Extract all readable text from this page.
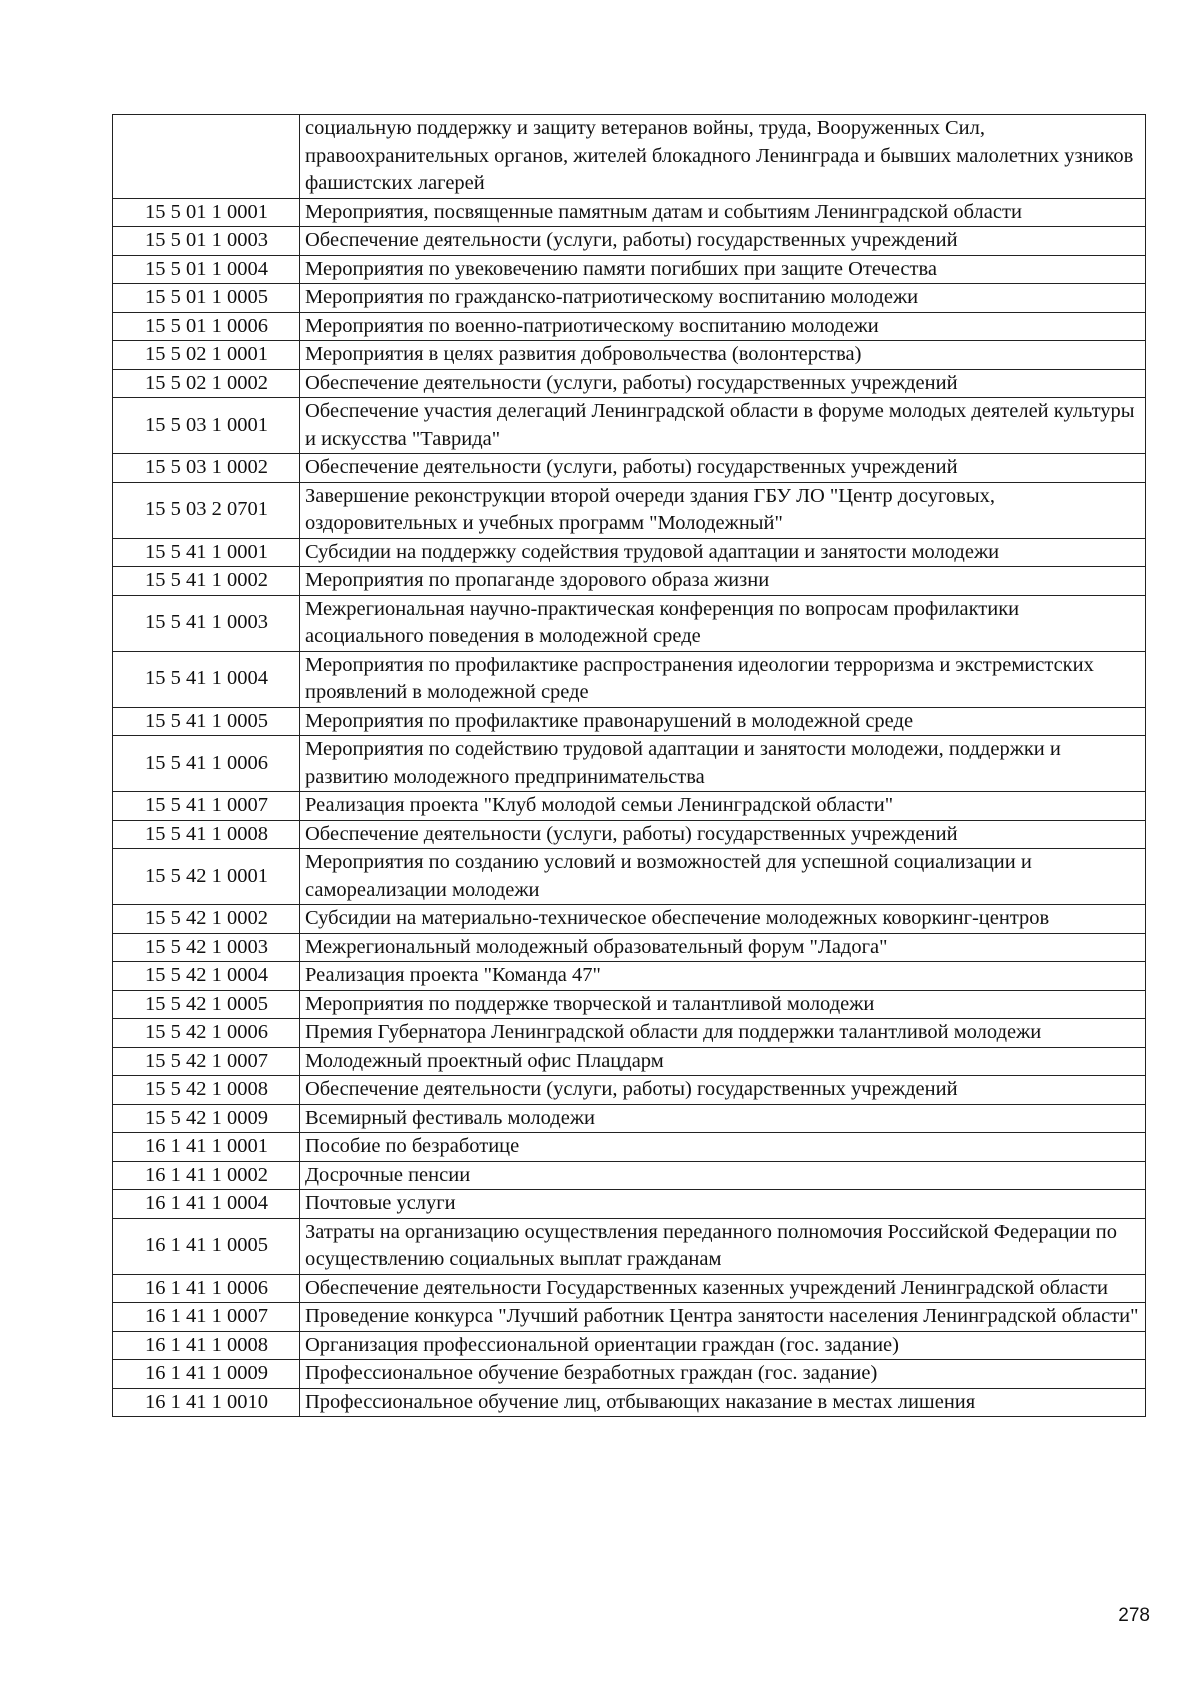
	социальную поддержку и защиту ветеранов войны, труда, Вооруженных Сил, правоохранительных органов, жителей блокадного Ленинграда и бывших малолетних узников фашистских лагерей
15 5 01 1 0001	Мероприятия, посвященные памятным датам и событиям Ленинградской области
15 5 01 1 0003	Обеспечение деятельности (услуги, работы) государственных учреждений
15 5 01 1 0004	Мероприятия по увековечению памяти погибших при защите Отечества
15 5 01 1 0005	Мероприятия по гражданско-патриотическому воспитанию молодежи
15 5 01 1 0006	Мероприятия по военно-патриотическому воспитанию молодежи
15 5 02 1 0001	Мероприятия в целях развития добровольчества (волонтерства)
15 5 02 1 0002	Обеспечение деятельности (услуги, работы) государственных учреждений
15 5 03 1 0001	Обеспечение участия делегаций Ленинградской области в форуме молодых деятелей культуры и искусства "Таврида"
15 5 03 1 0002	Обеспечение деятельности (услуги, работы) государственных учреждений
15 5 03 2 0701	Завершение реконструкции второй очереди здания ГБУ ЛО "Центр досуговых, оздоровительных и учебных программ "Молодежный"
15 5 41 1 0001	Субсидии на поддержку содействия трудовой адаптации и занятости молодежи
15 5 41 1 0002	Мероприятия по пропаганде здорового образа жизни
15 5 41 1 0003	Межрегиональная научно-практическая конференция по вопросам профилактики асоциального поведения в молодежной среде
15 5 41 1 0004	Мероприятия по профилактике распространения идеологии терроризма и экстремистских проявлений в молодежной среде
15 5 41 1 0005	Мероприятия по профилактике правонарушений в молодежной среде
15 5 41 1 0006	Мероприятия по содействию трудовой адаптации и занятости молодежи, поддержки и развитию молодежного предпринимательства
15 5 41 1 0007	Реализация проекта "Клуб молодой семьи Ленинградской области"
15 5 41 1 0008	Обеспечение деятельности (услуги, работы) государственных учреждений
15 5 42 1 0001	Мероприятия по созданию условий и возможностей для успешной социализации и самореализации молодежи
15 5 42 1 0002	Субсидии на материально-техническое обеспечение молодежных коворкинг-центров
15 5 42 1 0003	Межрегиональный молодежный образовательный форум "Ладога"
15 5 42 1 0004	Реализация проекта "Команда 47"
15 5 42 1 0005	Мероприятия по поддержке творческой и талантливой молодежи
15 5 42 1 0006	Премия Губернатора Ленинградской области для поддержки талантливой молодежи
15 5 42 1 0007	Молодежный проектный офис Плацдарм
15 5 42 1 0008	Обеспечение деятельности (услуги, работы) государственных учреждений
15 5 42 1 0009	Всемирный фестиваль молодежи
16 1 41 1 0001	Пособие по безработице
16 1 41 1 0002	Досрочные пенсии
16 1 41 1 0004	Почтовые услуги
16 1 41 1 0005	Затраты на организацию осуществления переданного полномочия Российской Федерации по осуществлению социальных выплат гражданам
16 1 41 1 0006	Обеспечение деятельности Государственных казенных учреждений Ленинградской области
16 1 41 1 0007	Проведение конкурса "Лучший работник Центра занятости населения Ленинградской области"
16 1 41 1 0008	Организация профессиональной ориентации граждан (гос. задание)
16 1 41 1 0009	Профессиональное обучение безработных граждан (гос. задание)
16 1 41 1 0010	Профессиональное обучение лиц, отбывающих наказание в местах лишения
278
